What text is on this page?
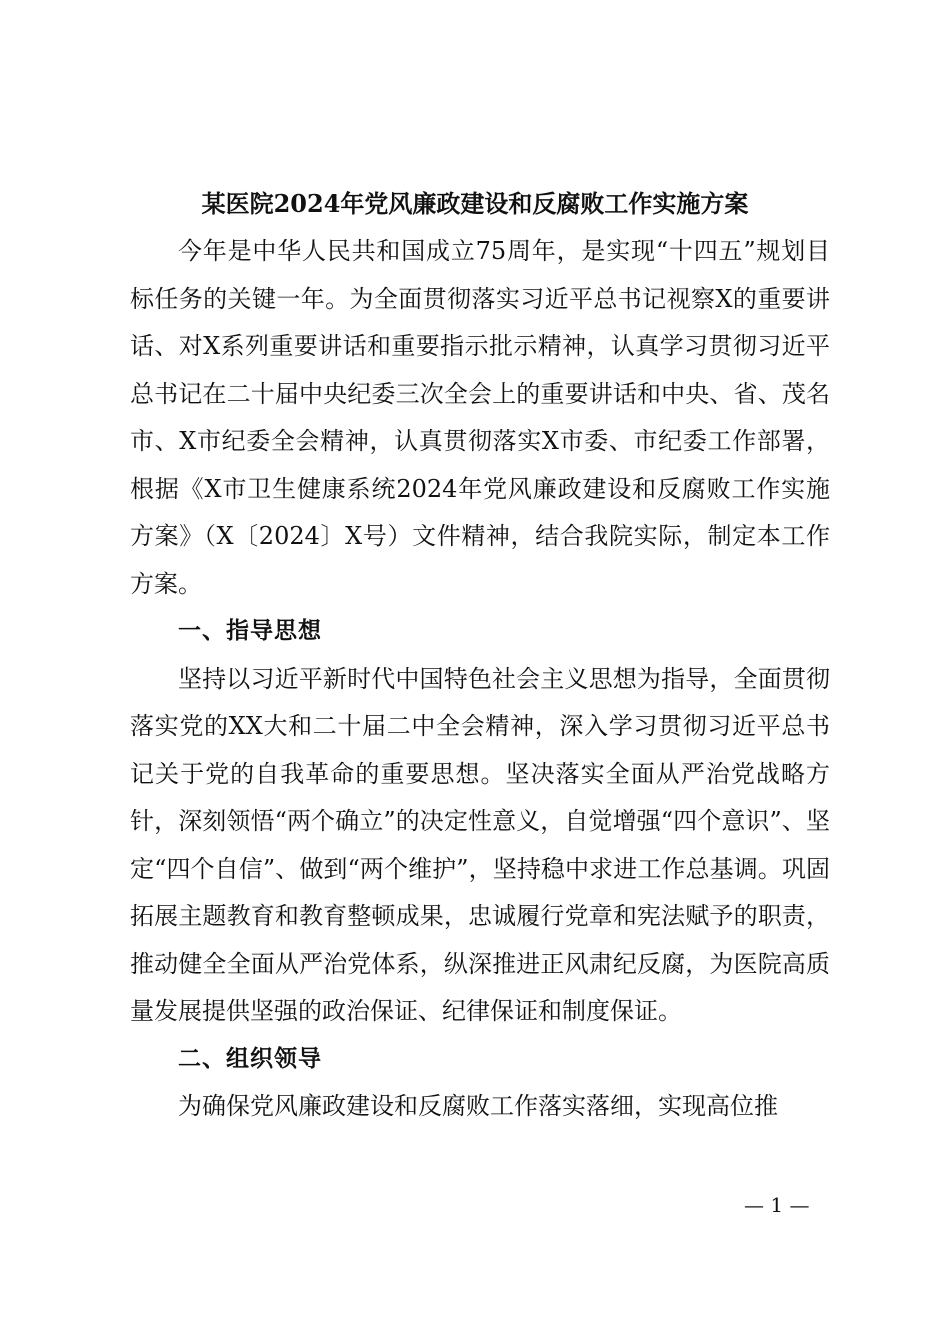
某医院2024年党风廉政建设和反腐败工作实施方案

今年是中华人民共和国成立75周年，是实现“十四五”规划目标任务的关键一年。为全面贯彻落实习近平总书记视察X的重要讲话、对X系列重要讲话和重要指示批示精神，认真学习贯彻习近平总书记在二十届中央纪委三次全会上的重要讲话和中央、省、茂名市、X市纪委全会精神，认真贯彻落实X市委、市纪委工作部署，根据《X市卫生健康系统2024年党风廉政建设和反腐败工作实施方案》（X〔2024〕X号）文件精神，结合我院实际，制定本工作方案。

一、指导思想

坚持以习近平新时代中国特色社会主义思想为指导，全面贯彻落实党的XX大和二十届二中全会精神，深入学习贯彻习近平总书记关于党的自我革命的重要思想。坚决落实全面从严治党战略方针，深刻领悟“两个确立”的决定性意义，自觉增强“四个意识”、坚定“四个自信”、做到“两个维护”，坚持稳中求进工作总基调。巩固拓展主题教育和教育整顿成果，忠诚履行党章和宪法赋予的职责，推动健全全面从严治党体系，纵深推进正风肃纪反腐，为医院高质量发展提供坚强的政治保证、纪律保证和制度保证。

二、组织领导

为确保党风廉政建设和反腐败工作落实落细，实现高位推

— 1 —
